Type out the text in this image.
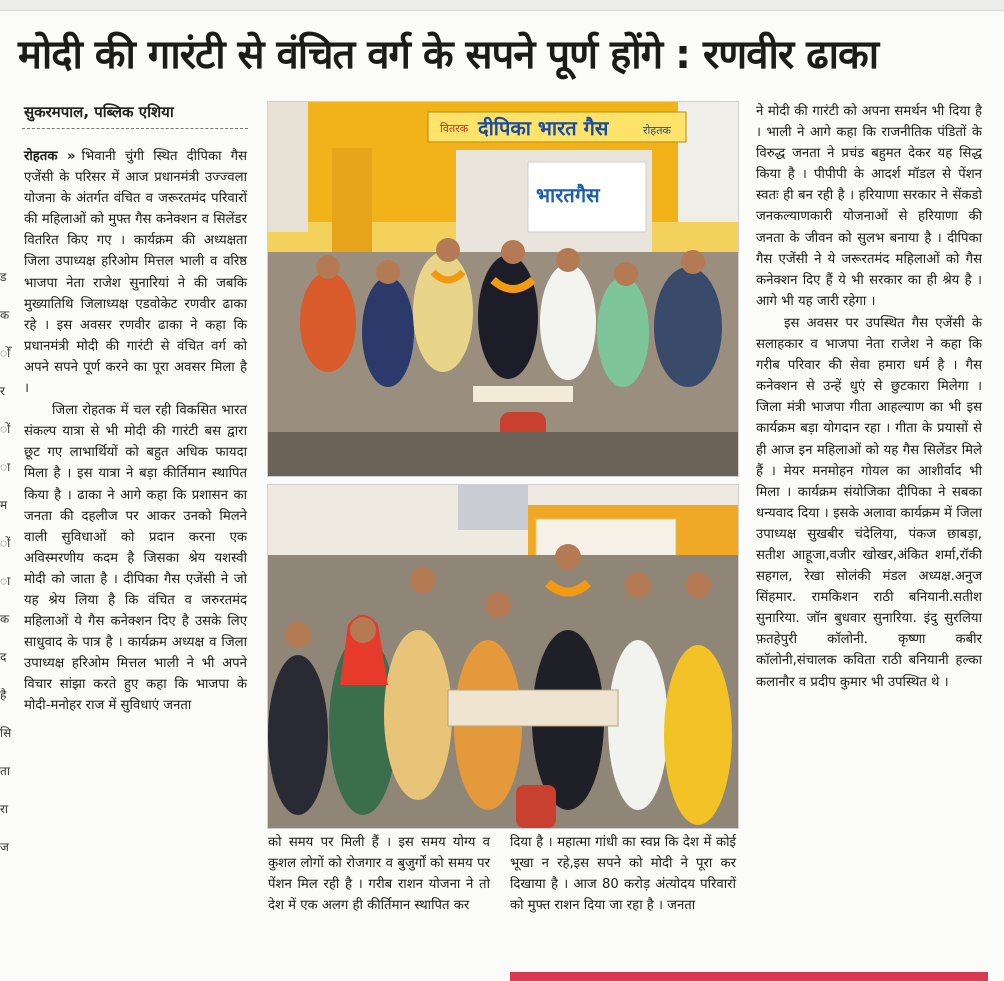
मोदी की गारंटी से वंचित वर्ग के सपने पूर्ण होंगे : रणवीर ढाका
सुकरमपाल, पब्लिक एशिया
ड
क
ोँ
र
ों
ा
म
ों
ा
क
द
है
सि
ता
रा
ज

रोहतक » भिवानी चुंगी स्थित दीपिका गैस एजेंसी के परिसर में आज प्रधानमंत्री उज्ज्वला योजना के अंतर्गत वंचित व जरूरतमंद परिवारों की महिलाओं को मुफ्त गैस कनेक्शन व सिलेंडर वितरित किए गए । कार्यक्रम की अध्यक्षता जिला उपाध्यक्ष हरिओम मित्तल भाली व वरिष्ठ भाजपा नेता राजेश सुनारियां ने की जबकि मुख्यातिथि जिलाध्यक्ष एडवोकेट रणवीर ढाका रहे । इस अवसर रणवीर ढाका ने कहा कि प्रधानमंत्री मोदी की गारंटी से वंचित वर्ग को अपने सपने पूर्ण करने का पूरा अवसर मिला है ।

जिला रोहतक में चल रही विकसित भारत संकल्प यात्रा से भी मोदी की गारंटी बस द्वारा छूट गए लाभार्थियों को बहुत अधिक फायदा मिला है । इस यात्रा ने बड़ा कीर्तिमान स्थापित किया है । ढाका ने आगे कहा कि प्रशासन का जनता की दहलीज पर आकर उनको मिलने वाली सुविधाओं को प्रदान करना एक अविस्मरणीय कदम है जिसका श्रेय यशस्वी मोदी को जाता है । दीपिका गैस एजेंसी ने जो यह श्रेय लिया है कि वंचित व जरुरतमंद महिलाओं ये गैस कनेक्शन दिए है उसके लिए साधुवाद के पात्र है । कार्यक्रम अध्यक्ष व जिला उपाध्यक्ष हरिओम मित्तल भाली ने भी अपने विचार सांझा करते हुए कहा कि भाजपा के मोदी-मनोहर राज में सुविधाएं जनता

वितरक दीपिका भारत गैस	रोहतक
भारतगैस

को समय पर मिली हैं । इस समय योग्य व कुशल लोगों को रोजगार व बुजुर्गों को समय पर पेंशन मिल रही है । गरीब राशन योजना ने तो देश में एक अलग ही कीर्तिमान स्थापित कर

दिया है । महात्मा गांधी का स्वप्न कि देश में कोई भूखा न रहे,इस सपने को मोदी ने पूरा कर दिखाया है । आज 80 करोड़ अंत्योदय परिवारों को मुफ्त राशन दिया जा रहा है । जनता

ने मोदी की गारंटी को अपना समर्थन भी दिया है । भाली ने आगे कहा कि राजनीतिक पंडितों के विरुद्ध जनता ने प्रचंड बहुमत देकर यह सिद्ध किया है । पीपीपी के आदर्श मॉडल से पेंशन स्वतः ही बन रही है । हरियाणा सरकार ने सेंकडो जनकल्याणकारी योजनाओं से हरियाणा की जनता के जीवन को सुलभ बनाया है । दीपिका गैस एजेंसी ने ये जरूरतमंद महिलाओं को गैस कनेक्शन दिए हैं ये भी सरकार का ही श्रेय है । आगे भी यह जारी रहेगा ।

इस अवसर पर उपस्थित गैस एजेंसी के सलाहकार व भाजपा नेता राजेश ने कहा कि गरीब परिवार की सेवा हमारा धर्म है । गैस कनेक्शन से उन्हें धुएं से छुटकारा मिलेगा । जिला मंत्री भाजपा गीता आहल्याण का भी इस कार्यक्रम बड़ा योगदान रहा । गीता के प्रयासों से ही आज इन महिलाओं को यह गैस सिलेंडर मिले हैं । मेयर मनमोहन गोयल का आशीर्वाद भी मिला । कार्यक्रम संयोजिका दीपिका ने सबका धन्यवाद दिया । इसके अलावा कार्यक्रम में जिला उपाध्यक्ष सुखबीर चंदेलिया, पंकज छाबड़ा, सतीश आहूजा,वजीर खोखर,अंकित शर्मा,रॉकी सहगल, रेखा सोलंकी मंडल अध्यक्ष.अनुज सिंहमार. रामकिशन राठी बनियानी.सतीश सुनारिया. जॉन बुधवार सुनारिया. इंदु सुरलिया फ़तहेपुरी कॉलोनी. कृष्णा कबीर कॉलोनी,संचालक कविता राठी बनियानी हल्का कलानौर व प्रदीप कुमार भी उपस्थित थे ।
